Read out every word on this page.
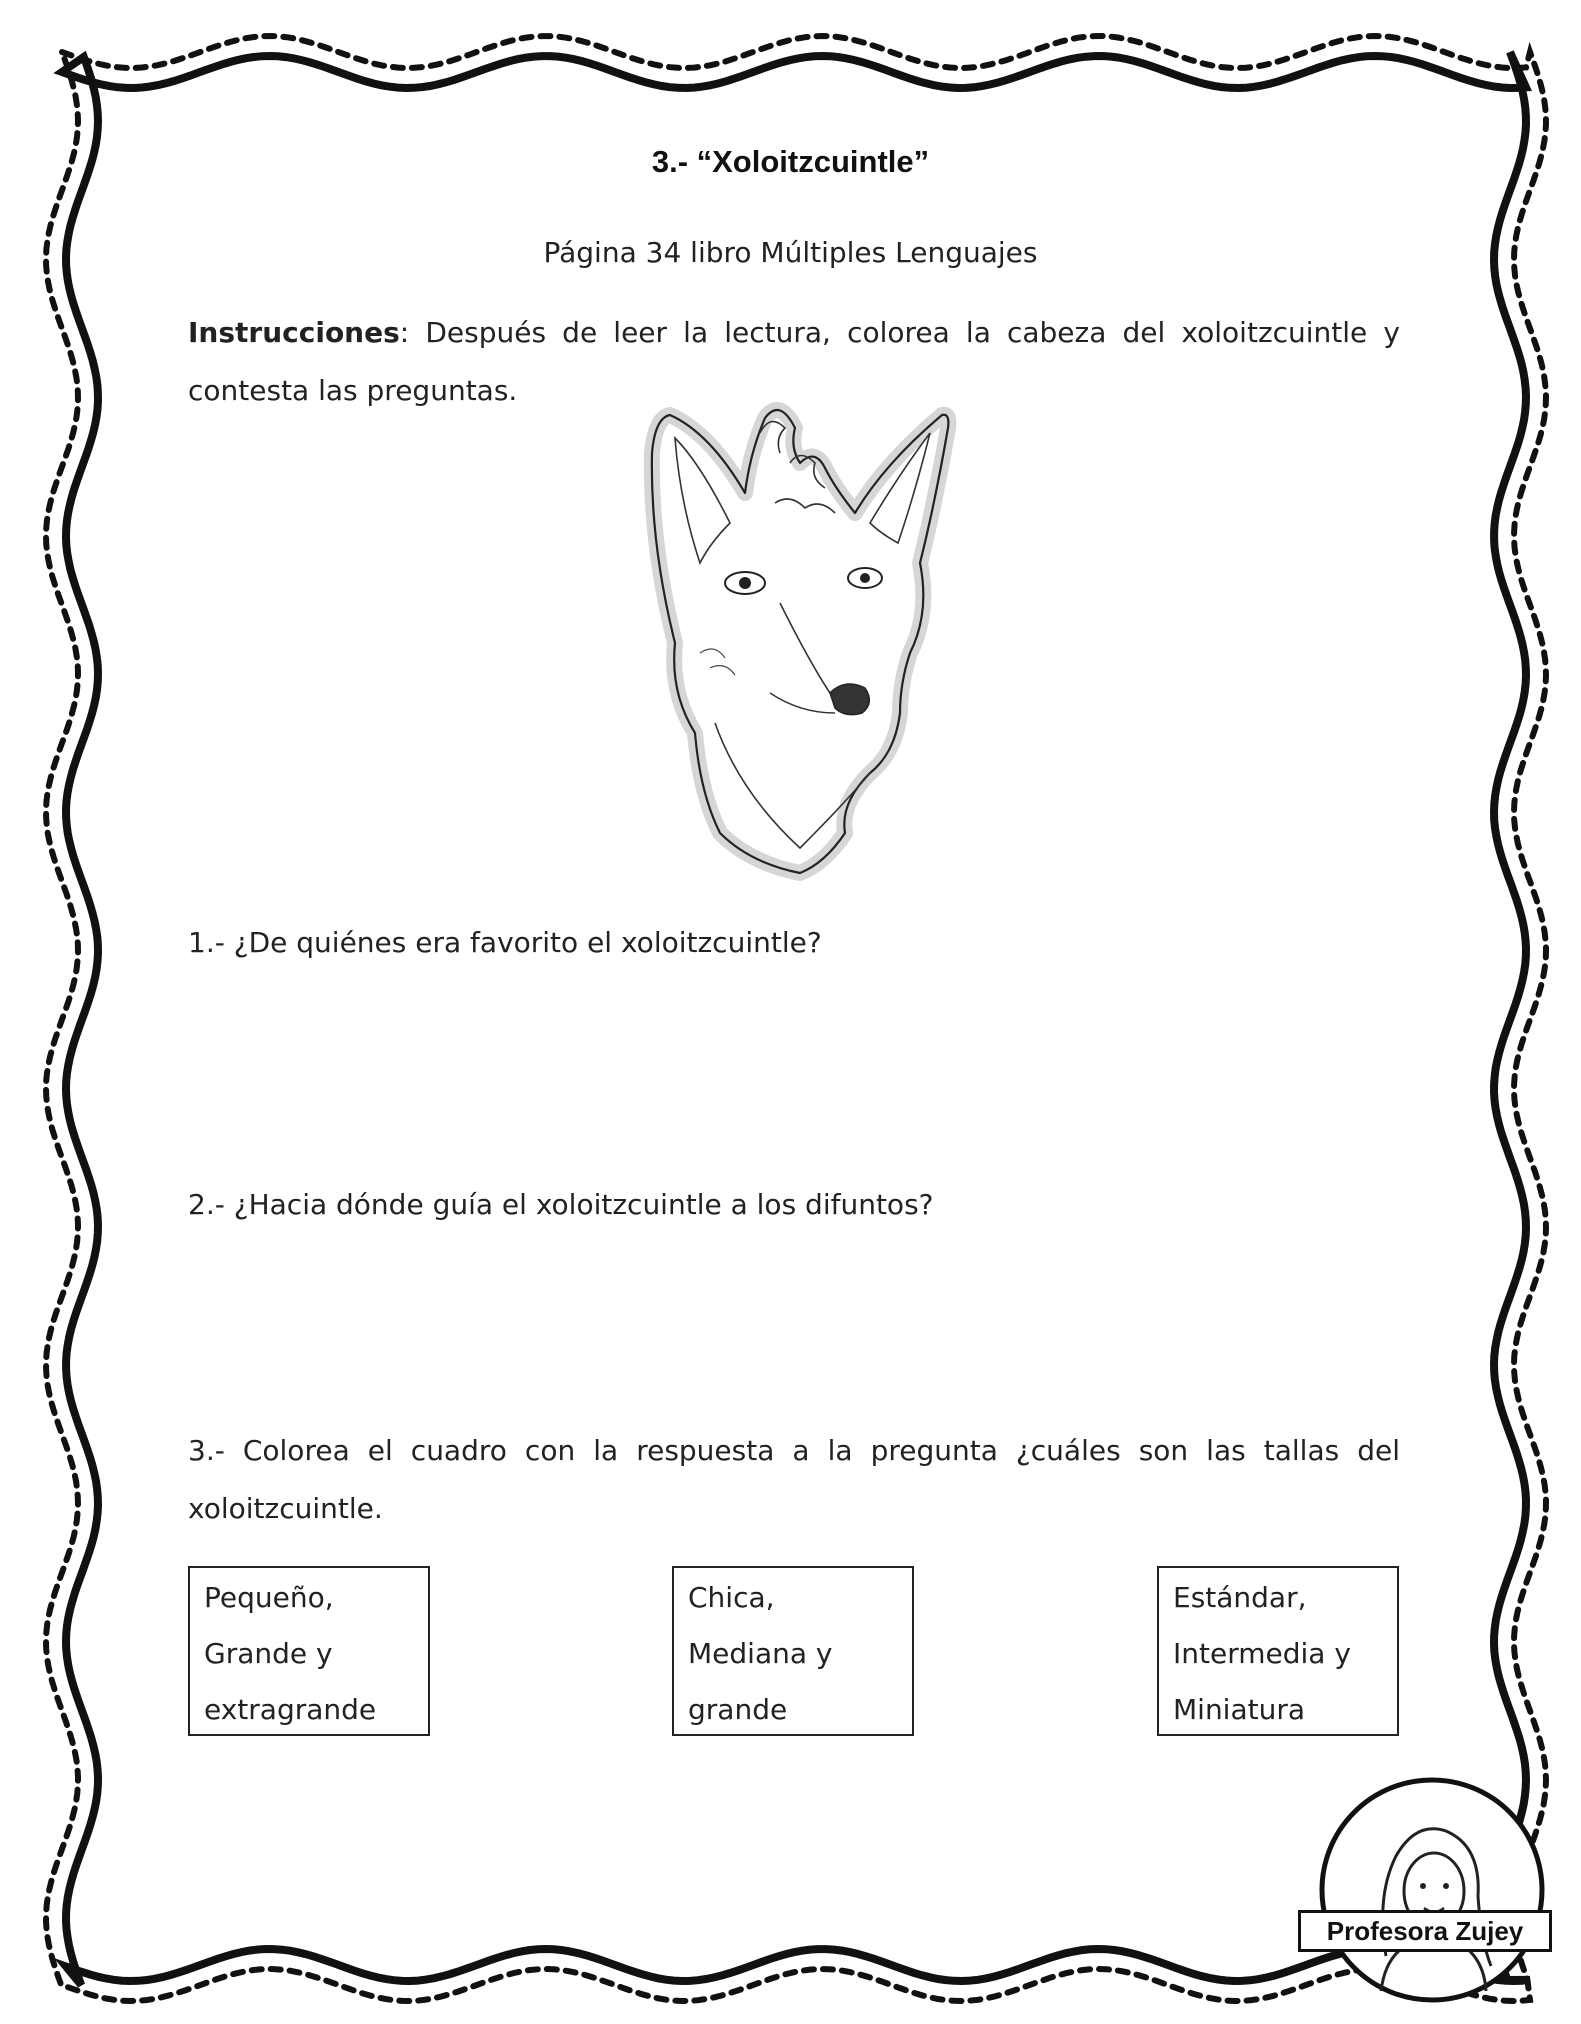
3.- “Xoloitzcuintle”
Página 34 libro Múltiples Lenguajes
Instrucciones: Después de leer la lectura, colorea la cabeza del xoloitzcuintle y contesta las preguntas.
1.- ¿De quiénes era favorito el xoloitzcuintle?
2.- ¿Hacia dónde guía el xoloitzcuintle a los difuntos?
3.- Colorea el cuadro con la respuesta a la pregunta ¿cuáles son las tallas del xoloitzcuintle.
Pequeño, Grande y extragrande
Chica, Mediana y grande
Estándar, Intermedia y Miniatura
Profesora Zujey
